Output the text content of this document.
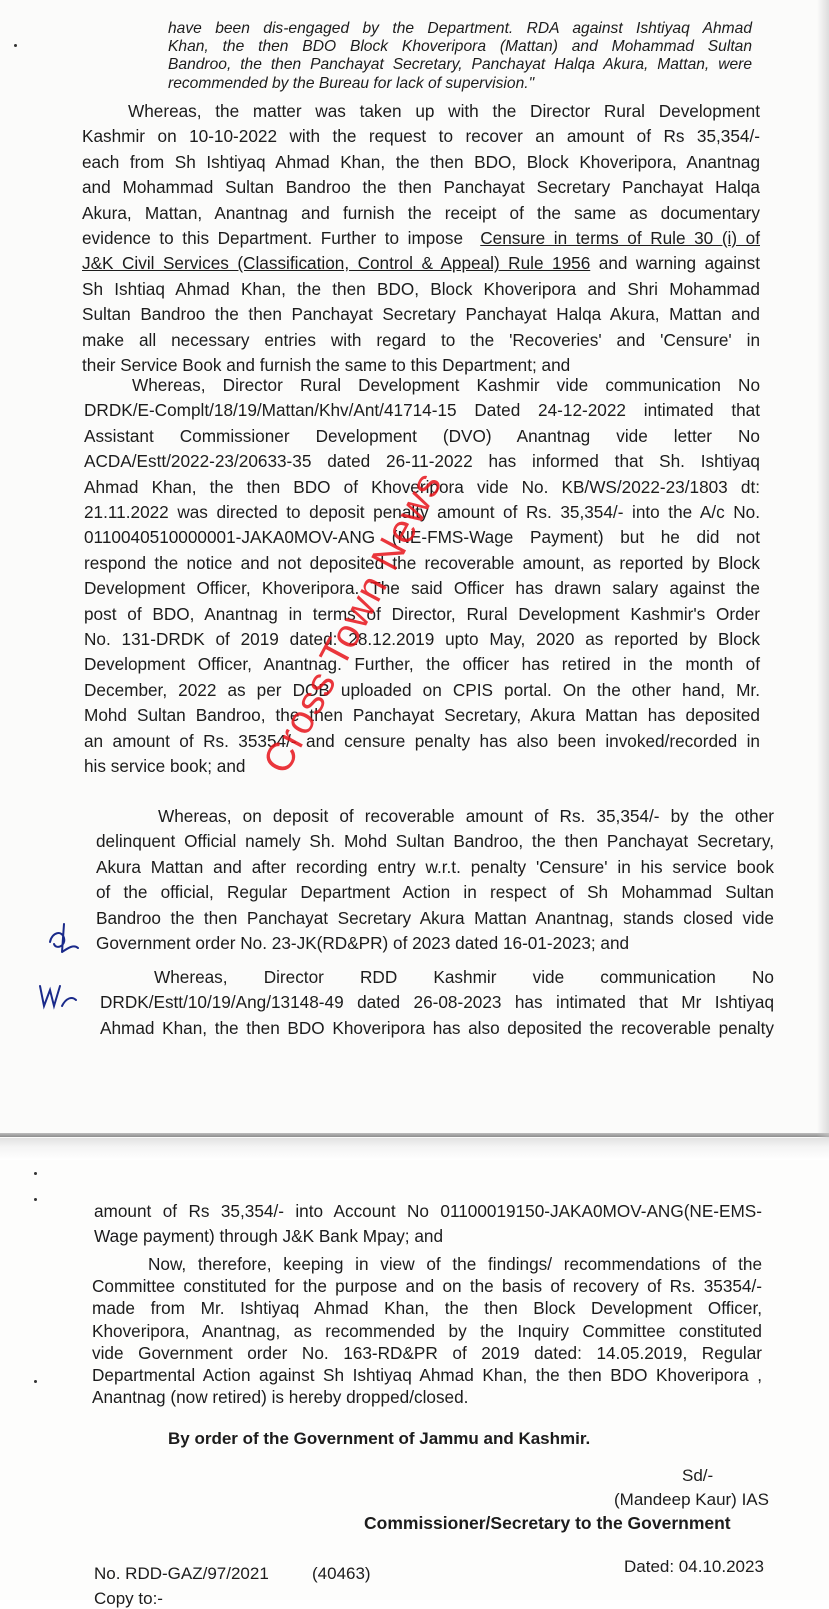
have been dis-engaged by the Department. RDA against Ishtiyaq Ahmad
Khan, the then BDO Block Khoveripora (Mattan) and Mohammad Sultan
Bandroo, the then Panchayat Secretary, Panchayat Halqa Akura, Mattan, were
recommended by the Bureau for lack of supervision."
Whereas, the matter was taken up with the Director Rural Development
Kashmir on 10-10-2022 with the request to recover an amount of Rs 35,354/-
each from Sh Ishtiyaq Ahmad Khan, the then BDO, Block Khoveripora, Anantnag
and Mohammad Sultan Bandroo the then Panchayat Secretary Panchayat Halqa
Akura, Mattan, Anantnag and furnish the receipt of the same as documentary
evidence to this Department. Further to impose Censure in terms of Rule 30 (i) of
J&K Civil Services (Classification, Control & Appeal) Rule 1956 and warning against
Sh Ishtiaq Ahmad Khan, the then BDO, Block Khoveripora and Shri Mohammad
Sultan Bandroo the then Panchayat Secretary Panchayat Halqa Akura, Mattan and
make all necessary entries with regard to the 'Recoveries' and 'Censure' in
their Service Book and furnish the same to this Department; and
Whereas, Director Rural Development Kashmir vide communication No
DRDK/E-Complt/18/19/Mattan/Khv/Ant/41714-15 Dated 24-12-2022 intimated that
Assistant Commissioner Development (DVO) Anantnag vide letter No
ACDA/Estt/2022-23/20633-35 dated 26-11-2022 has informed that Sh. Ishtiyaq
Ahmad Khan, the then BDO of Khoveripora vide No. KB/WS/2022-23/1803 dt:
21.11.2022 was directed to deposit penalty amount of Rs. 35,354/- into the A/c No.
0110040510000001-JAKA0MOV-ANG (NE-FMS-Wage Payment) but he did not
respond the notice and not deposited the recoverable amount, as reported by Block
Development Officer, Khoveripora. The said Officer has drawn salary against the
post of BDO, Anantnag in terms of Director, Rural Development Kashmir's Order
No. 131-DRDK of 2019 dated: 28.12.2019 upto May, 2020 as reported by Block
Development Officer, Anantnag. Further, the officer has retired in the month of
December, 2022 as per DOB uploaded on CPIS portal. On the other hand, Mr.
Mohd Sultan Bandroo, the then Panchayat Secretary, Akura Mattan has deposited
an amount of Rs. 35354/- and censure penalty has also been invoked/recorded in
his service book; and
Whereas, on deposit of recoverable amount of Rs. 35,354/- by the other
delinquent Official namely Sh. Mohd Sultan Bandroo, the then Panchayat Secretary,
Akura Mattan and after recording entry w.r.t. penalty 'Censure' in his service book
of the official, Regular Department Action in respect of Sh Mohammad Sultan
Bandroo the then Panchayat Secretary Akura Mattan Anantnag, stands closed vide
Government order No. 23-JK(RD&PR) of 2023 dated 16-01-2023; and
Whereas, Director RDD Kashmir vide communication No
DRDK/Estt/10/19/Ang/13148-49 dated 26-08-2023 has intimated that Mr Ishtiyaq
Ahmad Khan, the then BDO Khoveripora has also deposited the recoverable penalty
Cross Town News
amount of Rs 35,354/- into Account No 01100019150-JAKA0MOV-ANG(NE-EMS-
Wage payment) through J&K Bank Mpay; and
Now, therefore, keeping in view of the findings/ recommendations of the
Committee constituted for the purpose and on the basis of recovery of Rs. 35354/-
made from Mr. Ishtiyaq Ahmad Khan, the then Block Development Officer,
Khoveripora, Anantnag, as recommended by the Inquiry Committee constituted
vide Government order No. 163-RD&PR of 2019 dated: 14.05.2019, Regular
Departmental Action against Sh Ishtiyaq Ahmad Khan, the then BDO Khoveripora ,
Anantnag (now retired) is hereby dropped/closed.
By order of the Government of Jammu and Kashmir.
Sd/-
(Mandeep Kaur) IAS
Commissioner/Secretary to the Government
No. RDD-GAZ/97/2021	(40463)	Dated: 04.10.2023
Copy to:-
